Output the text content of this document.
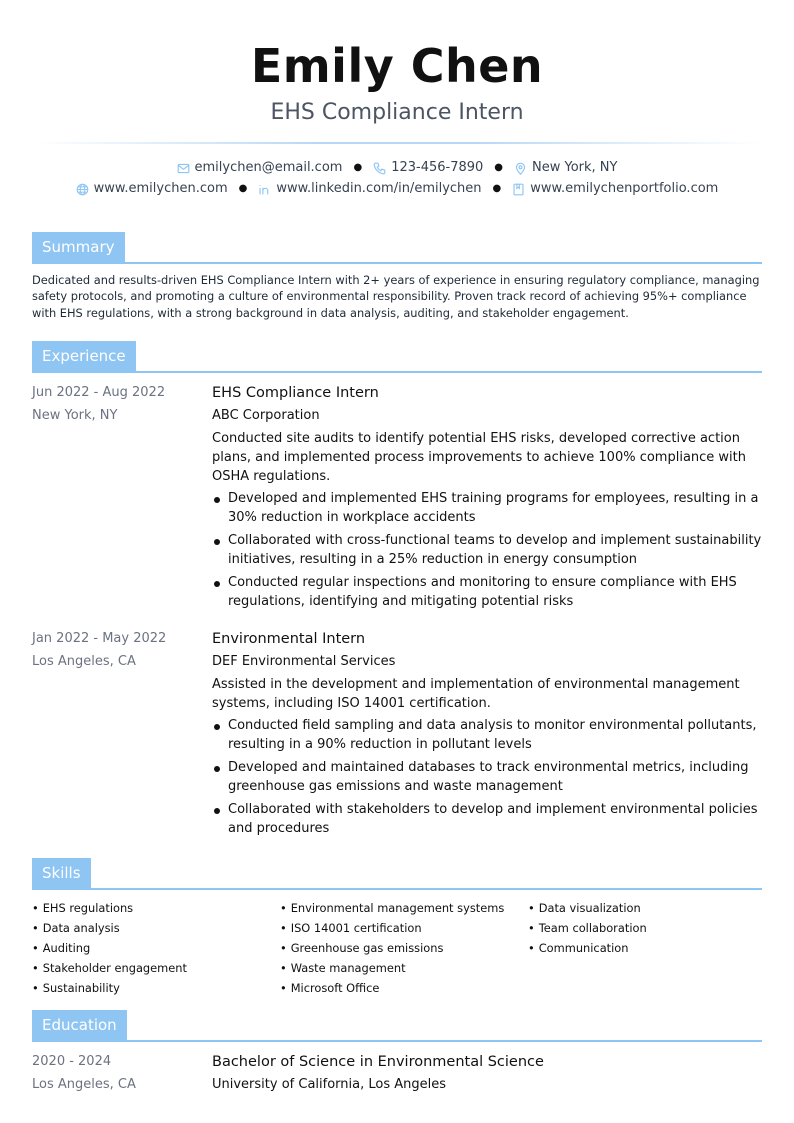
Emily Chen
EHS Compliance Intern
emilychen@email.com ● 123-456-7890 ● New York, NY
www.emilychen.com ● www.linkedin.com/in/emilychen ● www.emilychenportfolio.com
Summary
Dedicated and results-driven EHS Compliance Intern with 2+ years of experience in ensuring regulatory compliance, managing safety protocols, and promoting a culture of environmental responsibility. Proven track record of achieving 95%+ compliance with EHS regulations, with a strong background in data analysis, auditing, and stakeholder engagement.
Experience
Jun 2022 - Aug 2022
New York, NY
EHS Compliance Intern
ABC Corporation
Conducted site audits to identify potential EHS risks, developed corrective action plans, and implemented process improvements to achieve 100% compliance with OSHA regulations.
Developed and implemented EHS training programs for employees, resulting in a 30% reduction in workplace accidents
Collaborated with cross-functional teams to develop and implement sustainability initiatives, resulting in a 25% reduction in energy consumption
Conducted regular inspections and monitoring to ensure compliance with EHS regulations, identifying and mitigating potential risks
Jan 2022 - May 2022
Los Angeles, CA
Environmental Intern
DEF Environmental Services
Assisted in the development and implementation of environmental management systems, including ISO 14001 certification.
Conducted field sampling and data analysis to monitor environmental pollutants, resulting in a 90% reduction in pollutant levels
Developed and maintained databases to track environmental metrics, including greenhouse gas emissions and waste management
Collaborated with stakeholders to develop and implement environmental policies and procedures
Skills
• EHS regulations
• Data analysis
• Auditing
• Stakeholder engagement
• Sustainability
• Environmental management systems
• ISO 14001 certification
• Greenhouse gas emissions
• Waste management
• Microsoft Office
• Data visualization
• Team collaboration
• Communication
Education
2020 - 2024
Los Angeles, CA
Bachelor of Science in Environmental Science
University of California, Los Angeles
